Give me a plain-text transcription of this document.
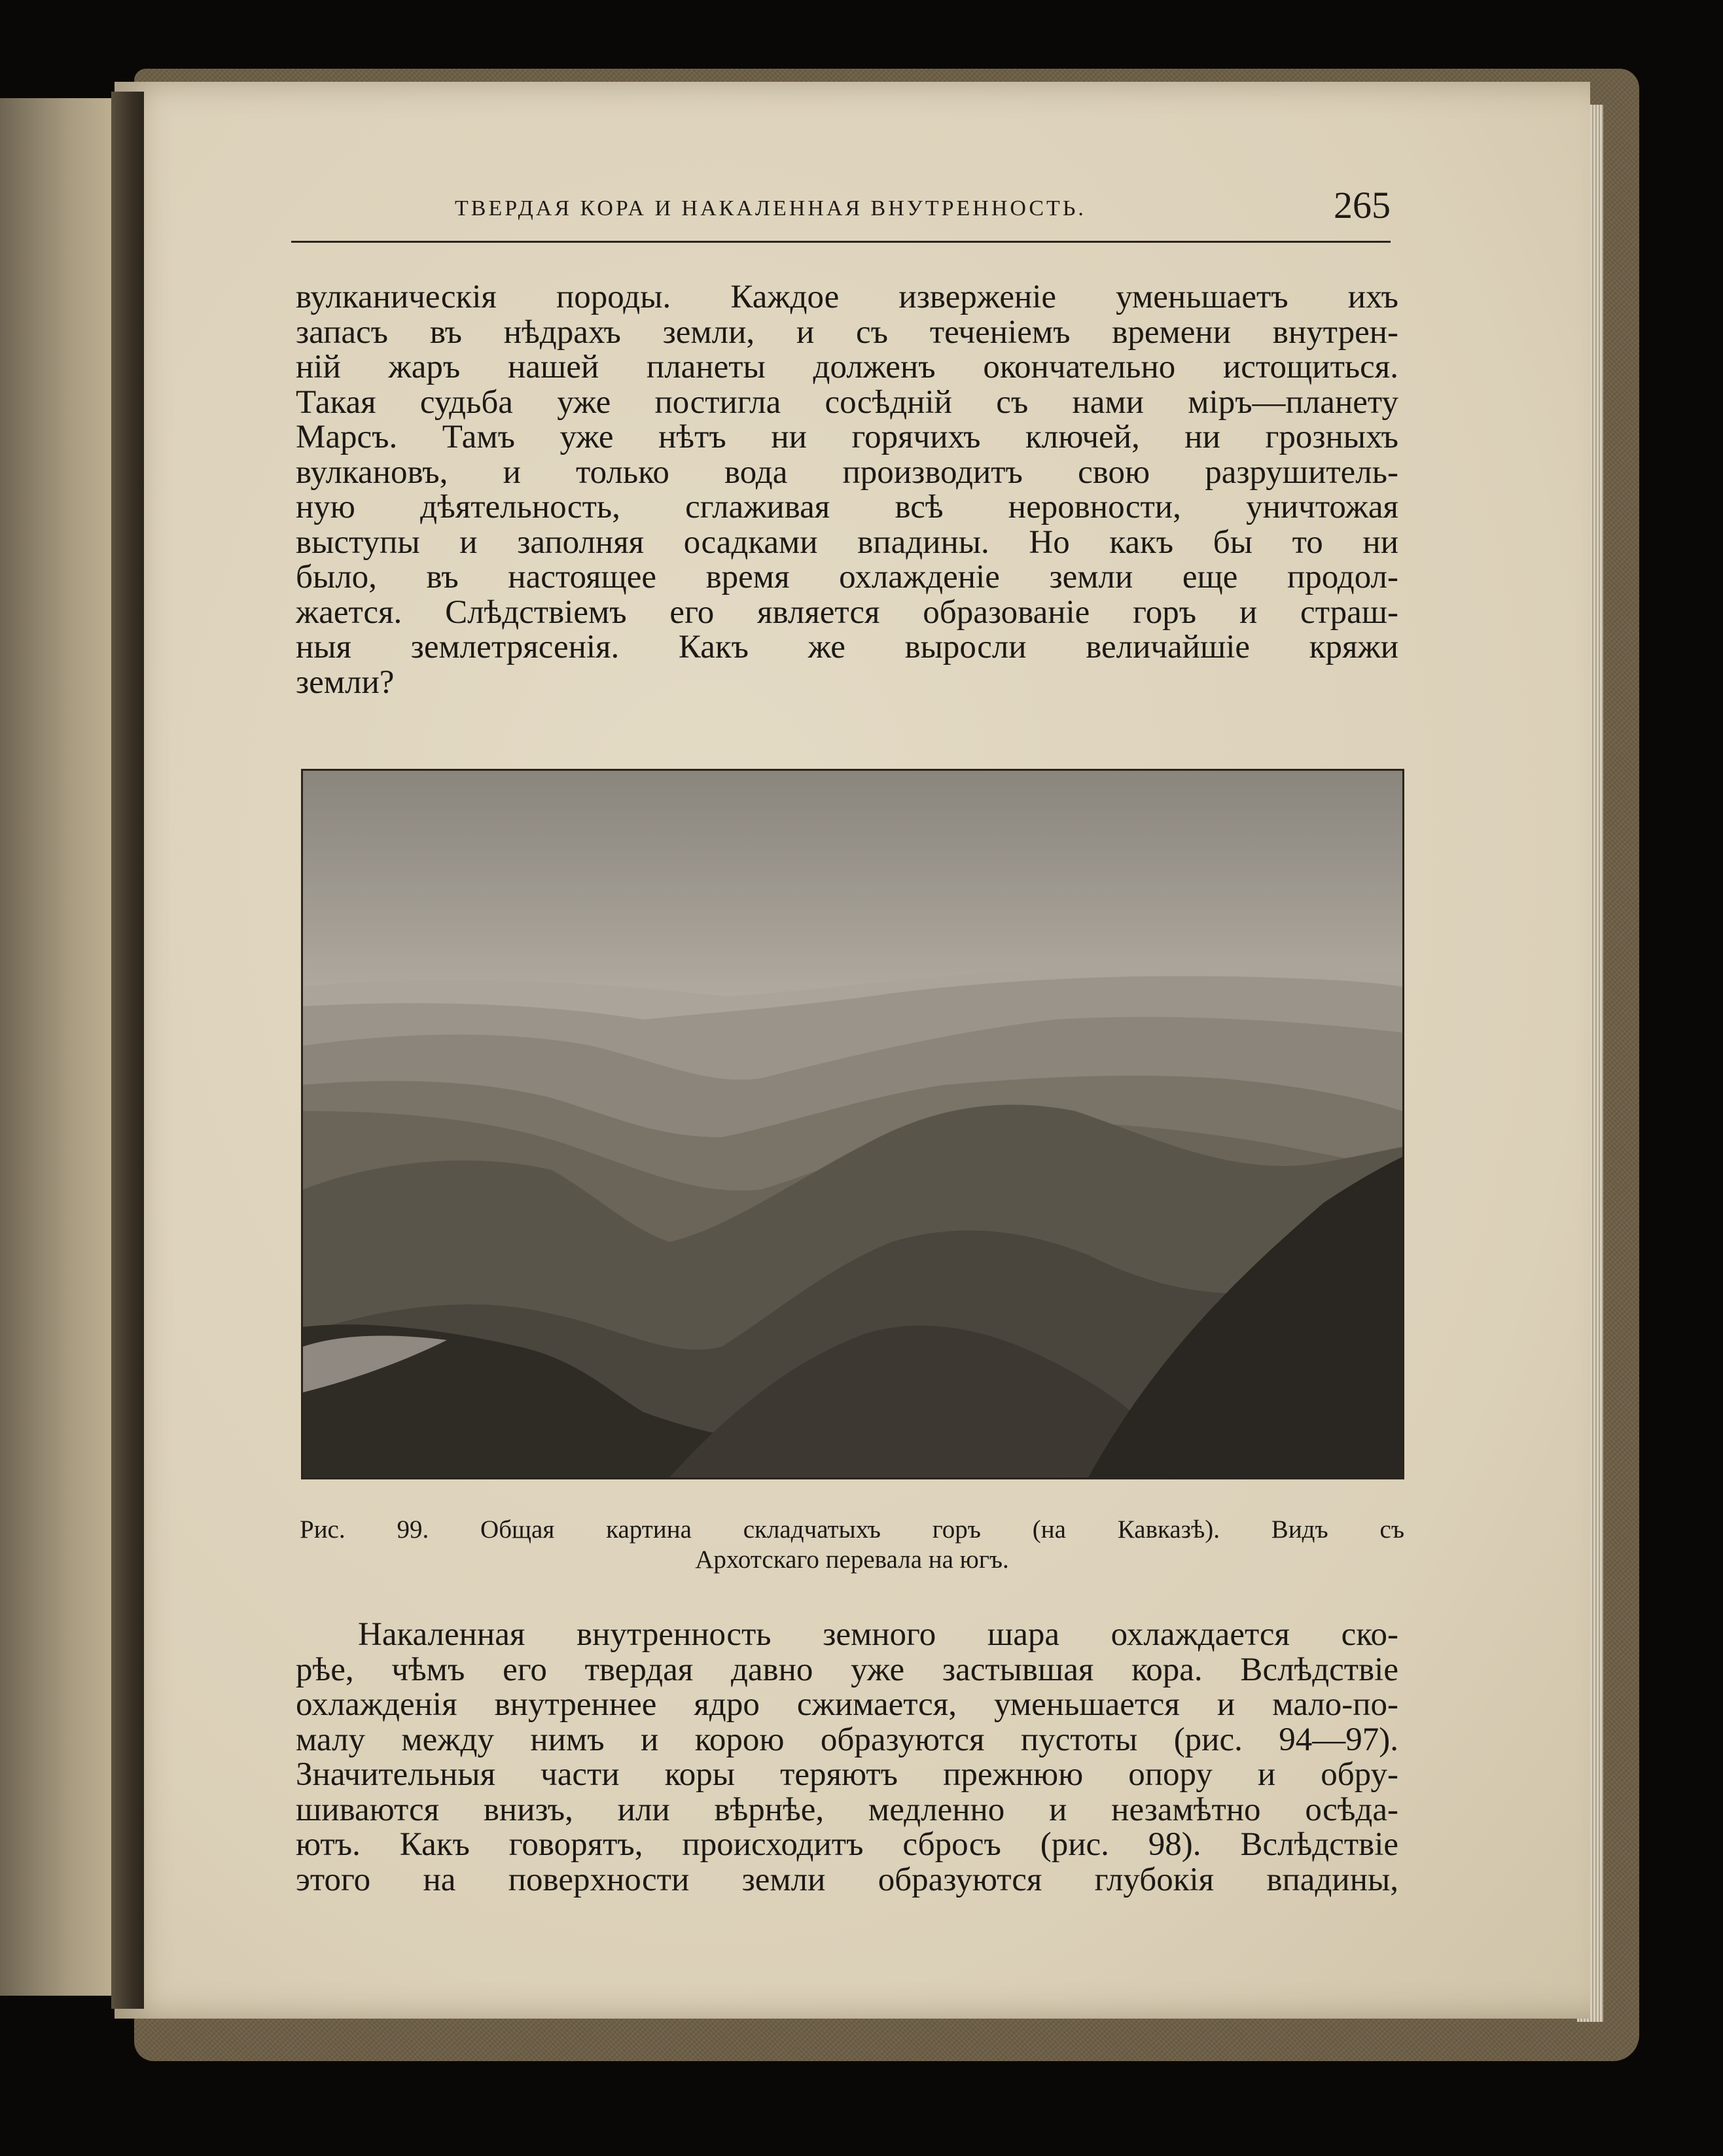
ТВЕРДАЯ КОРА И НАКАЛЕННАЯ ВНУТРЕННОСТЬ.	265
вулканическія породы. Каждое изверженіе уменьшаетъ ихъ
запасъ въ нѣдрахъ земли, и съ теченіемъ времени внутрен-
ній жаръ нашей планеты долженъ окончательно истощиться.
Такая судьба уже постигла сосѣдній съ нами міръ—планету
Марсъ. Тамъ уже нѣтъ ни горячихъ ключей, ни грозныхъ
вулкановъ, и только вода производитъ свою разрушитель-
ную дѣятельность, сглаживая всѣ неровности, уничтожая
выступы и заполняя осадками впадины. Но какъ бы то ни
было, въ настоящее время охлажденіе земли еще продол-
жается. Слѣдствіемъ его является образованіе горъ и страш-
ныя землетрясенія. Какъ же выросли величайшіе кряжи
земли?
Рис. 99. Общая картина складчатыхъ горъ (на Кавказѣ). Видъ съ
Архотскаго перевала на югъ.
Накаленная внутренность земного шара охлаждается ско-
рѣе, чѣмъ его твердая давно уже застывшая кора. Вслѣдствіе
охлажденія внутреннее ядро сжимается, уменьшается и мало-по-
малу между нимъ и корою образуются пустоты (рис. 94—97).
Значительныя части коры теряютъ прежнюю опору и обру-
шиваются внизъ, или вѣрнѣе, медленно и незамѣтно осѣда-
ютъ. Какъ говорятъ, происходитъ сбросъ (рис. 98). Вслѣдствіе
этого на поверхности земли образуются глубокія впадины,
